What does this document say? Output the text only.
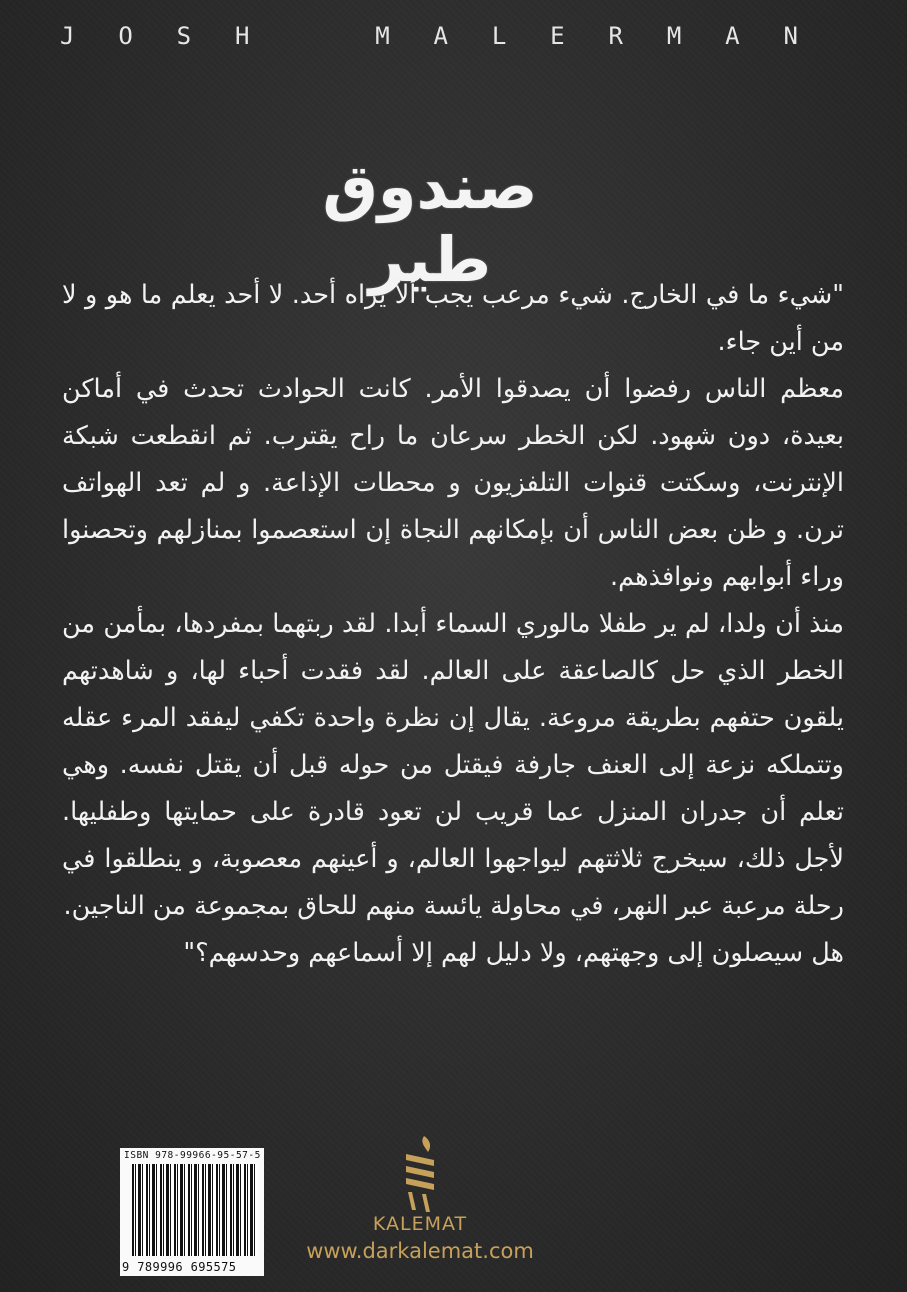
J O S H	M A L E R M A N
صندوق طير

"شيء ما في الخارج. شيء مرعب يجب ألاّ يراه أحد. لا أحد يعلم ما هو و لا من أين جاء.

معظم الناس رفضوا أن يصدقوا الأمر. كانت الحوادث تحدث في أماكن بعيدة، دون شهود. لكن الخطر سرعان ما راح يقترب. ثم انقطعت شبكة الإنترنت، وسكتت قنوات التلفزيون و محطات الإذاعة. و لم تعد الهواتف ترن. و ظن بعض الناس أن بإمكانهم النجاة إن استعصموا بمنازلهم وتحصنوا وراء أبوابهم ونوافذهم.

منذ أن ولدا، لم ير طفلا مالوري السماء أبدا. لقد ربتهما بمفردها، بمأمن من الخطر الذي حل كالصاعقة على العالم. لقد فقدت أحباء لها، و شاهدتهم يلقون حتفهم بطريقة مروعة. يقال إن نظرة واحدة تكفي ليفقد المرء عقله وتتملكه نزعة إلى العنف جارفة فيقتل من حوله قبل أن يقتل نفسه. وهي تعلم أن جدران المنزل عما قريب لن تعود قادرة على حمايتها وطفليها. لأجل ذلك، سيخرج ثلاثتهم ليواجهوا العالم، و أعينهم معصوبة، و ينطلقوا في رحلة مرعبة عبر النهر، في محاولة يائسة منهم للحاق بمجموعة من الناجين.

هل سيصلون إلى وجهتهم، ولا دليل لهم إلا أسماعهم وحدسهم؟"

ISBN 978-99966-95-57-5
9 789996 695575
KALEMAT
www.darkalemat.com
